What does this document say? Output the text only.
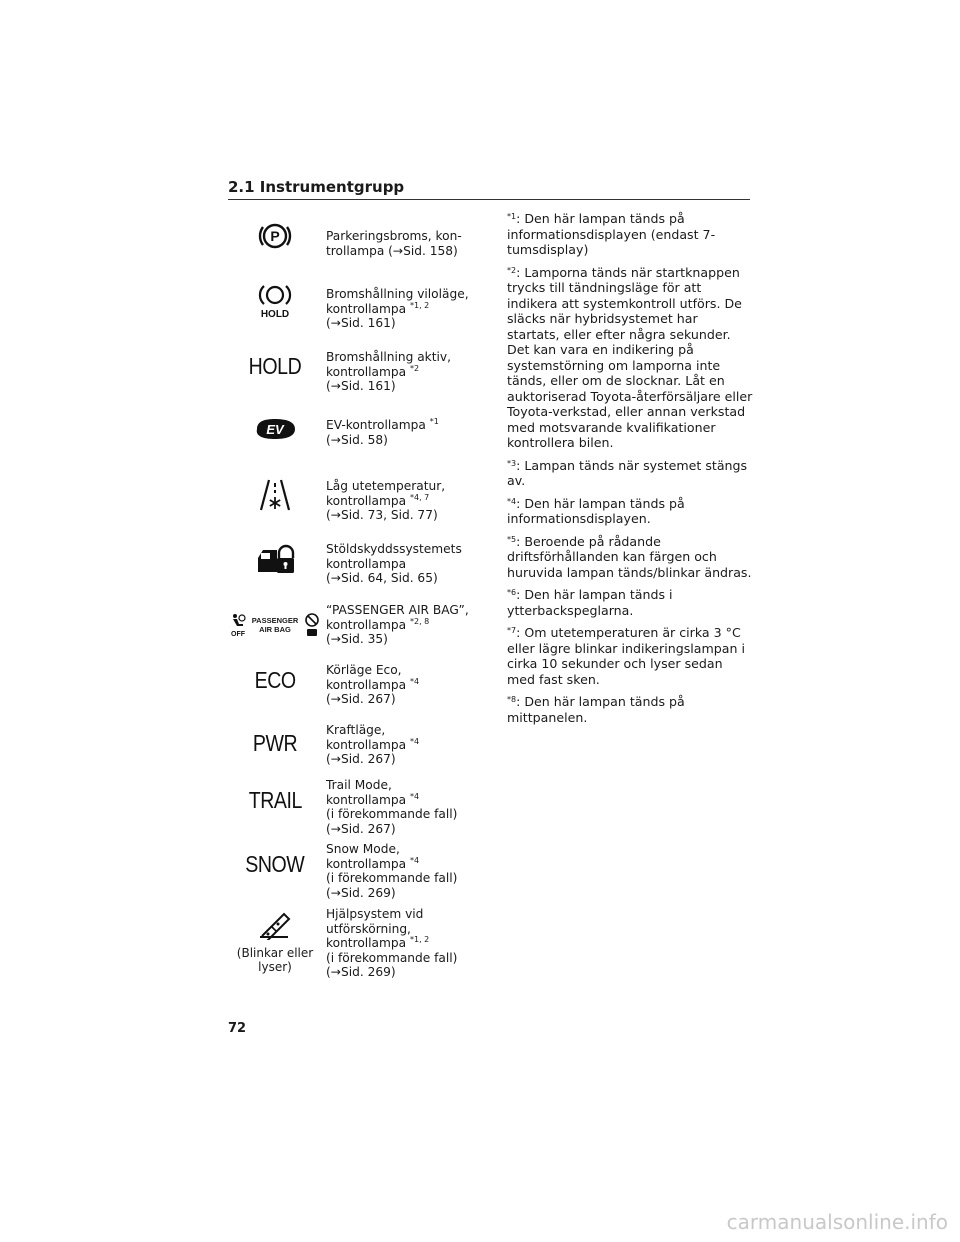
2.1 Instrumentgrupp
P	Parkeringsbroms, kon-
trollampa (→Sid. 158)
HOLD
Bromshållning viloläge,
kontrollampa $^{*1, 2}$
(→Sid. 161)
HOLD Bromshållning aktiv,
kontrollampa $^{*2}$
(→Sid. 161)
EV	EV-kontrollampa $^{*1}$
(→Sid. 58)
Låg utetemperatur,
kontrollampa $^{*4, 7}$
(→Sid. 73, Sid. 77)
Stöldskyddssystemets
kontrollampa
(→Sid. 64, Sid. 65)
OFF
PASSENGER
AIR BAG
“PASSENGER AIR BAG”,
kontrollampa $^{*2, 8}$
(→Sid. 35)
ECO Körläge Eco,
kontrollampa $^{*4}$
(→Sid. 267)
PWR Kraftläge,
kontrollampa $^{*4}$
(→Sid. 267)
TRAIL
Trail Mode,
kontrollampa $^{*4}$
(i förekommande fall)
(→Sid. 267)
SNOW
Snow Mode,
kontrollampa $^{*4}$
(i förekommande fall)
(→Sid. 269)
(Blinkar eller lyser)
Hjälpsystem vid
utförskörning,
kontrollampa $^{*1, 2}$
(i förekommande fall)
(→Sid. 269)
$^{*1}$: Den här lampan tänds på informationsdisplayen (endast 7-tumsdisplay)
$^{*2}$: Lamporna tänds när startknappen trycks till tändningsläge för att indikera att systemkontroll utförs. De släcks när hybridsystemet har startats, eller efter några sekunder. Det kan vara en indikering på systemstörning om lamporna inte tänds, eller om de slocknar. Låt en auktoriserad Toyota-återförsäljare eller Toyota-verkstad, eller annan verkstad med motsvarande kvalifikationer kontrollera bilen.
$^{*3}$: Lampan tänds när systemet stängs av.
$^{*4}$: Den här lampan tänds på informationsdisplayen.
$^{*5}$: Beroende på rådande driftsförhållanden kan färgen och huruvida lampan tänds/blinkar ändras.
$^{*6}$: Den här lampan tänds i ytterbackspeglarna.
$^{*7}$: Om utetemperaturen är cirka 3 °C eller lägre blinkar indikeringslampan i cirka 10 sekunder och lyser sedan med fast sken.
$^{*8}$: Den här lampan tänds på mittpanelen.
72
carmanualsonline.info
